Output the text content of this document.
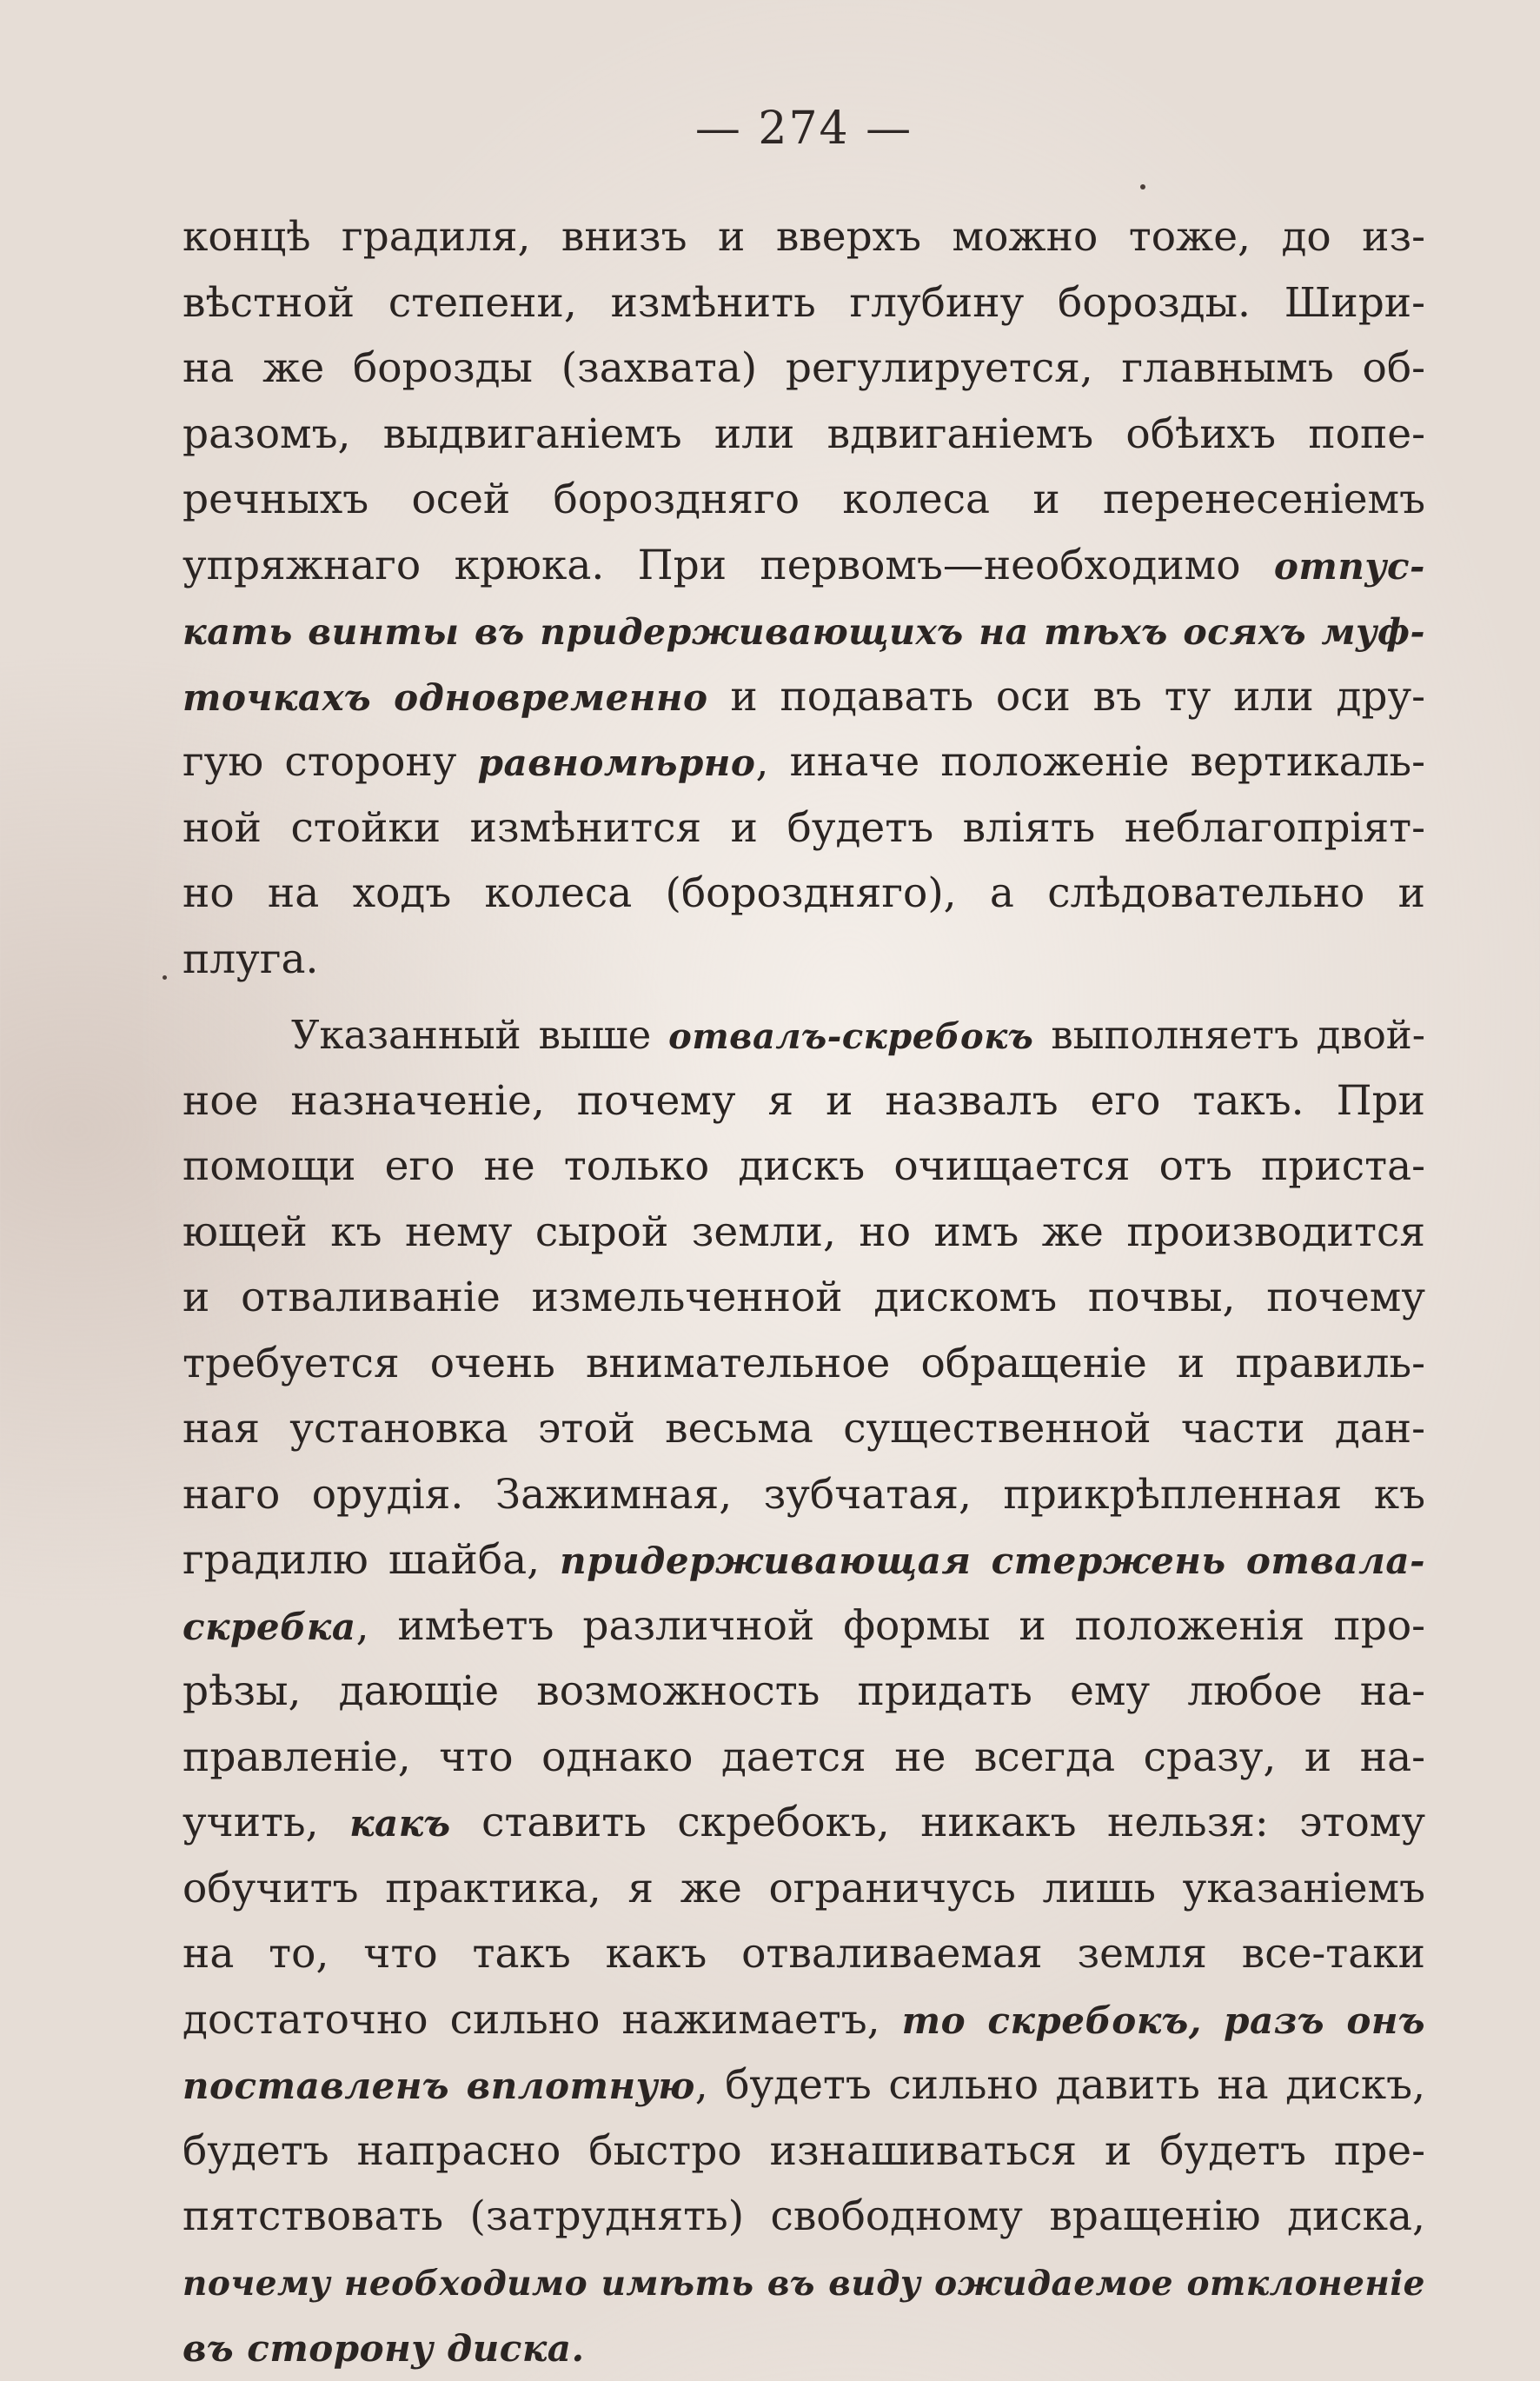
— 274 —
концѣ градиля, внизъ и вверхъ можно тоже, до из-
вѣстной степени, измѣнить глубину борозды. Шири-
на же борозды (захвата) регулируется, главнымъ об-
разомъ, выдвиганіемъ или вдвиганіемъ обѣихъ попе-
речныхъ осей бороздняго колеса и перенесеніемъ
упряжнаго крюка. При первомъ—необходимо отпус-
кать винты въ придерживающихъ на тѣхъ осяхъ муф-
точкахъ одновременно и подавать оси въ ту или дру-
гую сторону равномѣрно, иначе положеніе вертикаль-
ной стойки измѣнится и будетъ вліять неблагопріят-
но на ходъ колеса (бороздняго), а слѣдовательно и
плуга.
Указанный выше отвалъ-скребокъ выполняетъ двой-
ное назначеніе, почему я и назвалъ его такъ. При
помощи его не только дискъ очищается отъ приста-
ющей къ нему сырой земли, но имъ же производится
и отваливаніе измельченной дискомъ почвы, почему
требуется очень внимательное обращеніе и правиль-
ная установка этой весьма существенной части дан-
наго орудія. Зажимная, зубчатая, прикрѣпленная къ
градилю шайба, придерживающая стержень отвала-
скребка, имѣетъ различной формы и положенія про-
рѣзы, дающіе возможность придать ему любое на-
правленіе, что однако дается не всегда сразу, и на-
учить, какъ ставить скребокъ, никакъ нельзя: этому
обучитъ практика, я же ограничусь лишь указаніемъ
на то, что такъ какъ отваливаемая земля все-таки
достаточно сильно нажимаетъ, то скребокъ, разъ онъ
поставленъ вплотную, будетъ сильно давить на дискъ,
будетъ напрасно быстро изнашиваться и будетъ пре-
пятствовать (затруднять) свободному вращенію диска,
почему необходимо имѣть въ виду ожидаемое отклоненіе
въ сторону диска.
